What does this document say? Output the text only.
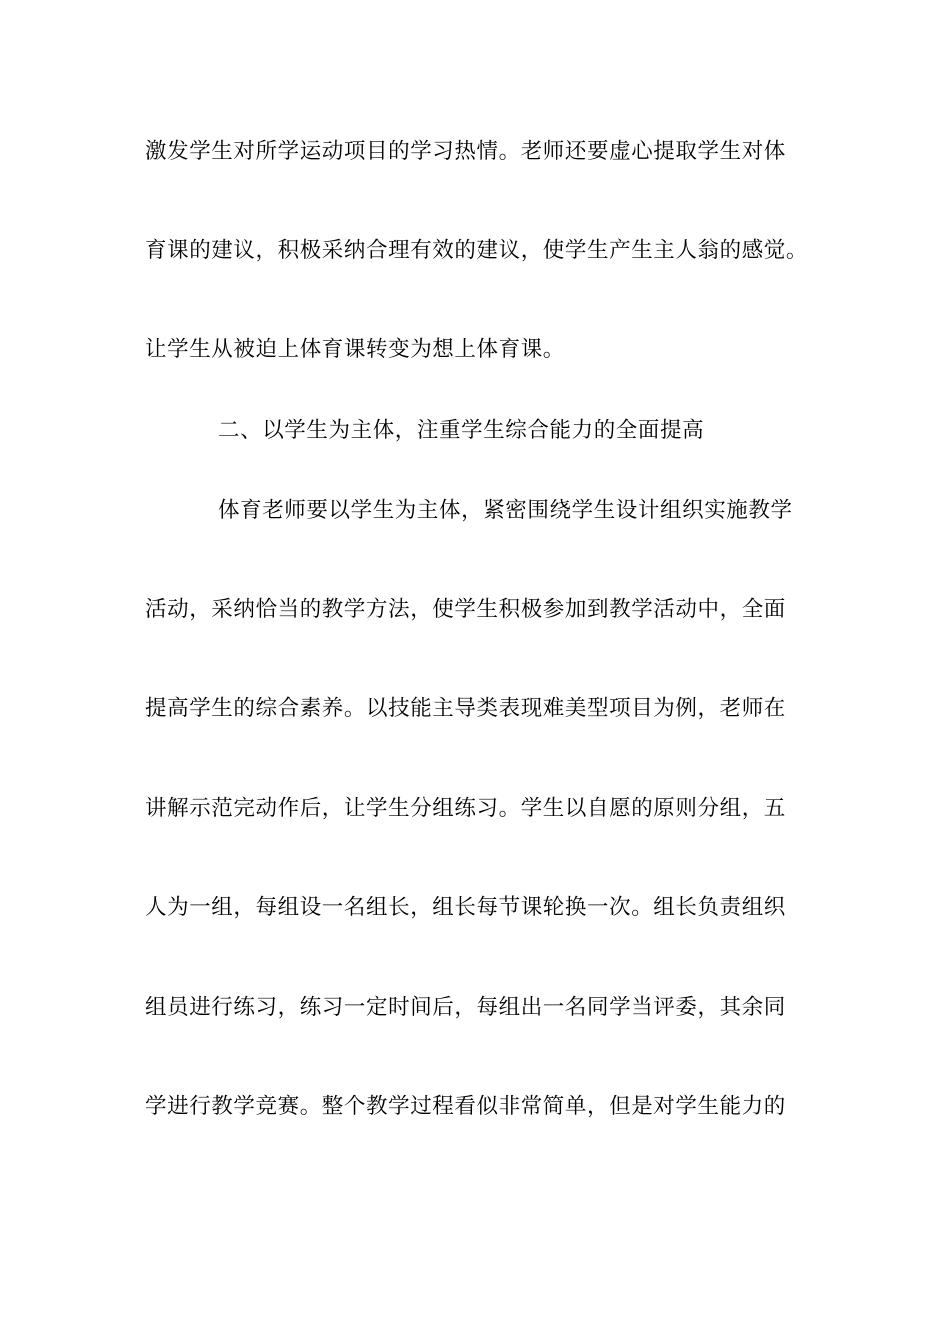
激发学生对所学运动项目的学习热情。老师还要虚心提取学生对体
育课的建议，积极采纳合理有效的建议，使学生产生主人翁的感觉。
让学生从被迫上体育课转变为想上体育课。
二、以学生为主体，注重学生综合能力的全面提高
体育老师要以学生为主体，紧密围绕学生设计组织实施教学
活动，采纳恰当的教学方法，使学生积极参加到教学活动中，全面
提高学生的综合素养。以技能主导类表现难美型项目为例，老师在
讲解示范完动作后，让学生分组练习。学生以自愿的原则分组，五
人为一组，每组设一名组长，组长每节课轮换一次。组长负责组织
组员进行练习，练习一定时间后，每组出一名同学当评委，其余同
学进行教学竞赛。整个教学过程看似非常简单，但是对学生能力的
